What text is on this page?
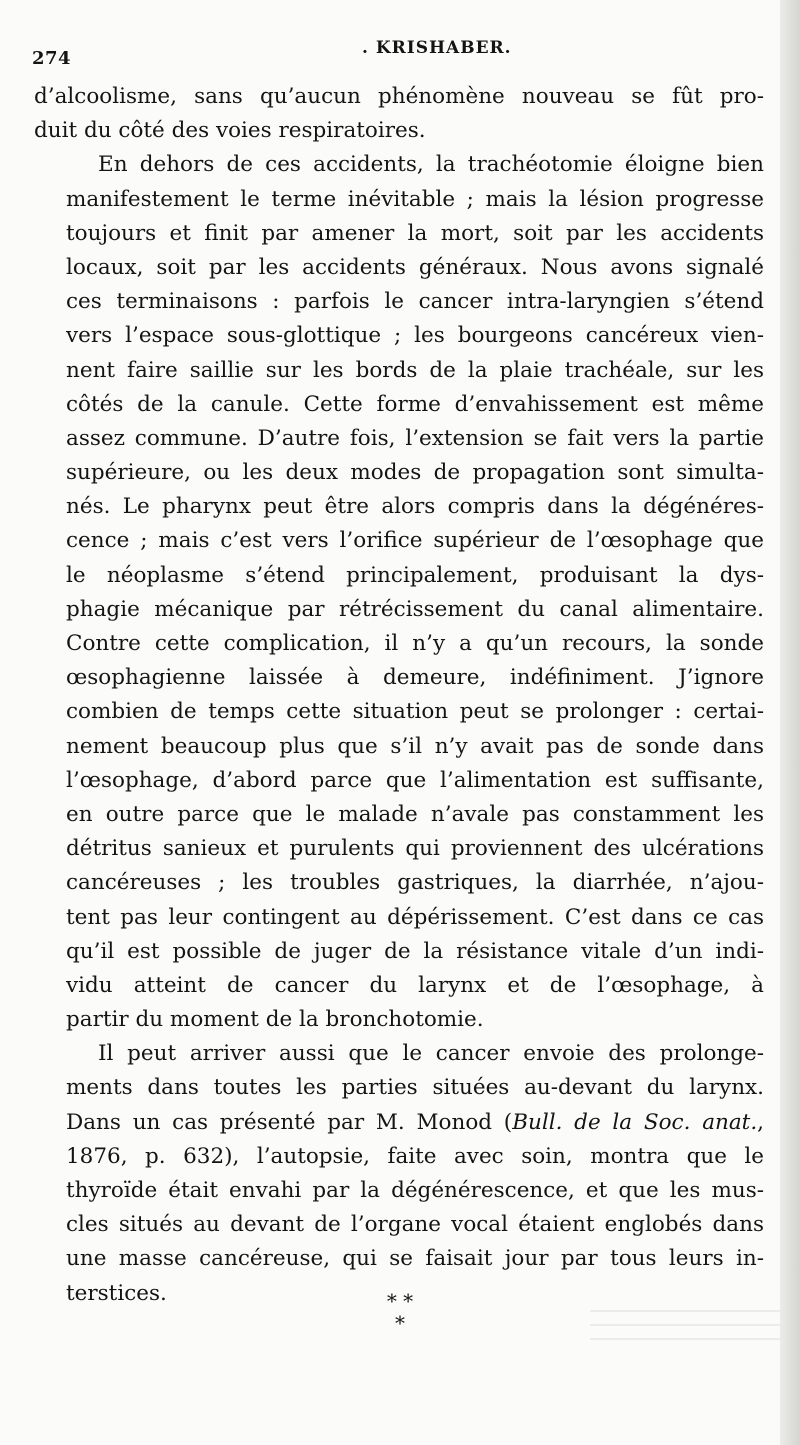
274	. KRISHABER.
d’alcoolisme, sans qu’aucun phénomène nouveau se fût pro-
duit du côté des voies respiratoires.
En dehors de ces accidents, la trachéotomie éloigne bien
manifestement le terme inévitable ; mais la lésion progresse
toujours et finit par amener la mort, soit par les accidents
locaux, soit par les accidents généraux. Nous avons signalé
ces terminaisons : parfois le cancer intra-laryngien s’étend
vers l’espace sous-glottique ; les bourgeons cancéreux vien-
nent faire saillie sur les bords de la plaie trachéale, sur les
côtés de la canule. Cette forme d’envahissement est même
assez commune. D’autre fois, l’extension se fait vers la partie
supérieure, ou les deux modes de propagation sont simulta-
nés. Le pharynx peut être alors compris dans la dégénéres-
cence ; mais c’est vers l’orifice supérieur de l’œsophage que
le néoplasme s’étend principalement, produisant la dys-
phagie mécanique par rétrécissement du canal alimentaire.
Contre cette complication, il n’y a qu’un recours, la sonde
œsophagienne laissée à demeure, indéfiniment. J’ignore
combien de temps cette situation peut se prolonger : certai-
nement beaucoup plus que s’il n’y avait pas de sonde dans
l’œsophage, d’abord parce que l’alimentation est suffisante,
en outre parce que le malade n’avale pas constamment les
détritus sanieux et purulents qui proviennent des ulcérations
cancéreuses ; les troubles gastriques, la diarrhée, n’ajou-
tent pas leur contingent au dépérissement. C’est dans ce cas
qu’il est possible de juger de la résistance vitale d’un indi-
vidu atteint de cancer du larynx et de l’œsophage, à
partir du moment de la bronchotomie.
Il peut arriver aussi que le cancer envoie des prolonge-
ments dans toutes les parties situées au-devant du larynx.
Dans un cas présenté par M. Monod (Bull. de la Soc. anat.,
1876, p. 632), l’autopsie, faite avec soin, montra que le
thyroïde était envahi par la dégénérescence, et que les mus-
cles situés au devant de l’organe vocal étaient englobés dans
une masse cancéreuse, qui se faisait jour par tous leurs in-
terstices.	* *
*
